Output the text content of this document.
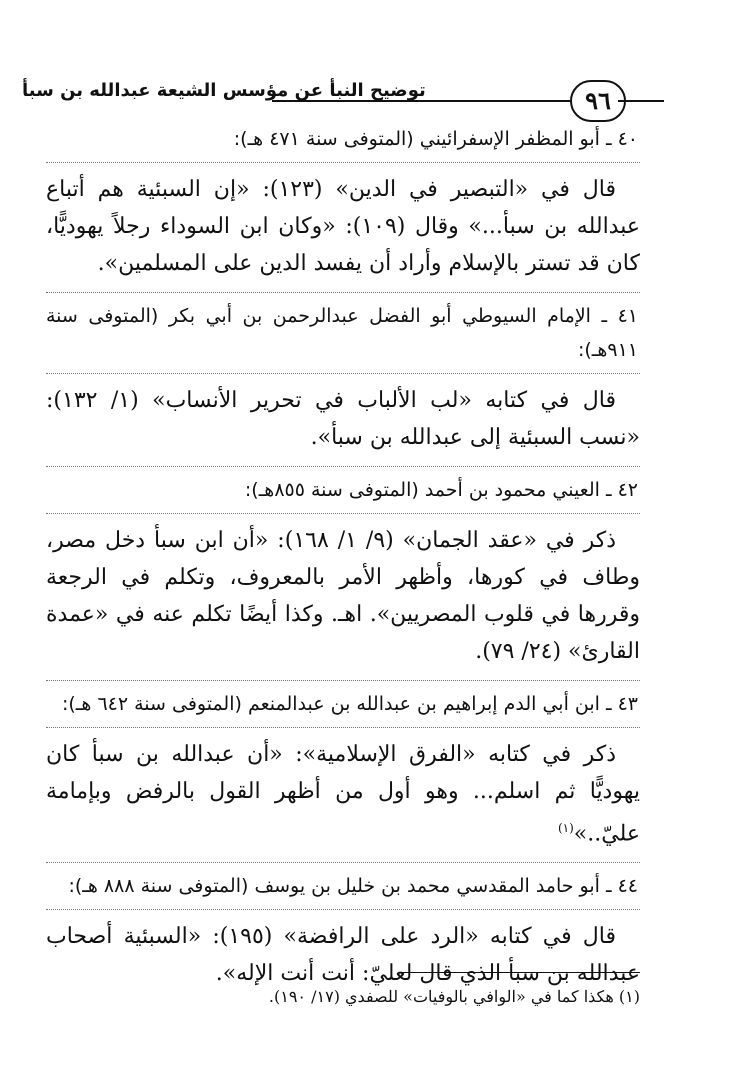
توضيح النبأ عن مؤسس الشيعة عبدالله بن سبأ	٩٦

٤٠ ـ أبو المظفر الإسفرائيني (المتوفى سنة ٤٧١ هـ):

قال في «التبصير في الدين» (١٢٣): «إن السبئية هم أتباع عبدالله بن سبأ...» وقال (١٠٩): «وكان ابن السوداء رجلاً يهوديًّا، كان قد تستر بالإسلام وأراد أن يفسد الدين على المسلمين».

٤١ ـ الإمام السيوطي أبو الفضل عبدالرحمن بن أبي بكر (المتوفى سنة ٩١١هـ):

قال في كتابه «لب الألباب في تحرير الأنساب» (١/ ١٣٢): «نسب السبئية إلى عبدالله بن سبأ».

٤٢ ـ العيني محمود بن أحمد (المتوفى سنة ٨٥٥هـ):

ذكر في «عقد الجمان» (٩/ ١/ ١٦٨): «أن ابن سبأ دخل مصر، وطاف في كورها، وأظهر الأمر بالمعروف، وتكلم في الرجعة وقررها في قلوب المصريين». اهـ. وكذا أيضًا تكلم عنه في «عمدة القارئ» (٢٤/ ٧٩).

٤٣ ـ ابن أبي الدم إبراهيم بن عبدالله بن عبدالمنعم (المتوفى سنة ٦٤٢ هـ):

ذكر في كتابه «الفرق الإسلامية»: «أن عبدالله بن سبأ كان يهوديًّا ثم اسلم... وهو أول من أظهر القول بالرفض وبإمامة عليّ..»$^{(١)}$

٤٤ ـ أبو حامد المقدسي محمد بن خليل بن يوسف (المتوفى سنة ٨٨٨ هـ):

قال في كتابه «الرد على الرافضة» (١٩٥): «السبئية أصحاب عبدالله بن سبأ الذي قال لعليّ: أنت أنت الإله».

(١) هكذا كما في «الوافي بالوفيات» للصفدي (١٧/ ١٩٠).
